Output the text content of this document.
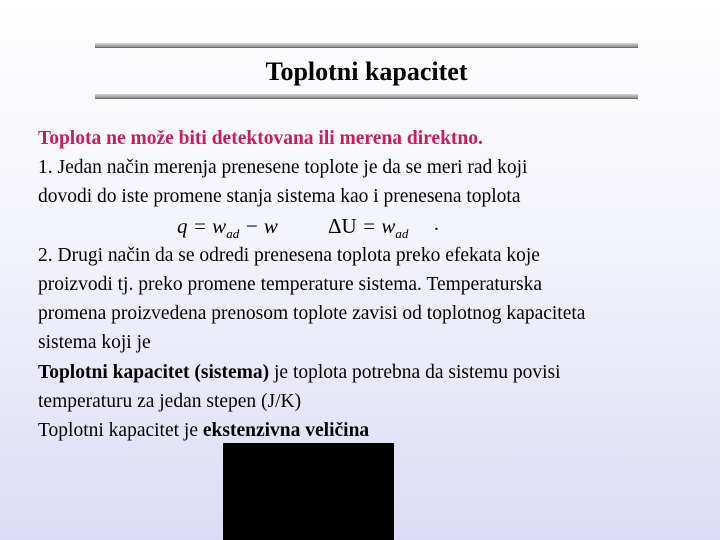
Toplotni kapacitet
Toplota ne može biti detektovana ili merena direktno.
1. Jedan način merenja prenesene toplote je da se meri rad koji
dovodi do iste promene stanja sistema kao i prenesena toplota
$q = w_{ad} - w$ $\Delta U = w_{ad}$ .
2. Drugi način da se odredi prenesena toplota preko efekata koje
proizvodi tj. preko promene temperature sistema. Temperaturska
promena proizvedena prenosom toplote zavisi od toplotnog kapaciteta
sistema koji je
Toplotni kapacitet (sistema) je toplota potrebna da sistemu povisi
temperaturu za jedan stepen (J/K)
Toplotni kapacitet je ekstenzivna veličina
